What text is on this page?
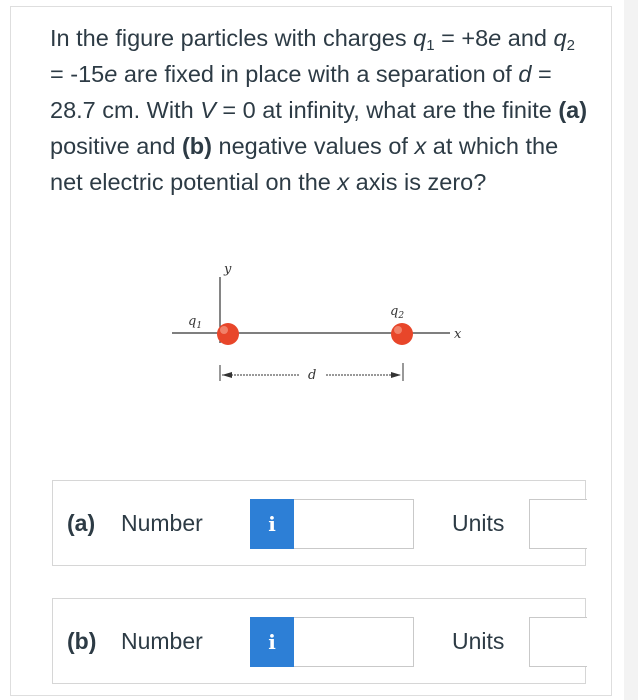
In the figure particles with charges $q_1 = +8e$ and $q_2 = -15e$ are fixed in place with a separation of d = 28.7 cm. With V = 0 at infinity, what are the finite (a) positive and (b) negative values of x at which the net electric potential on the x axis is zero?
y
x
$q_1$
$q_2$
d
(a) Number	i	Units
(b) Number	i	Units
